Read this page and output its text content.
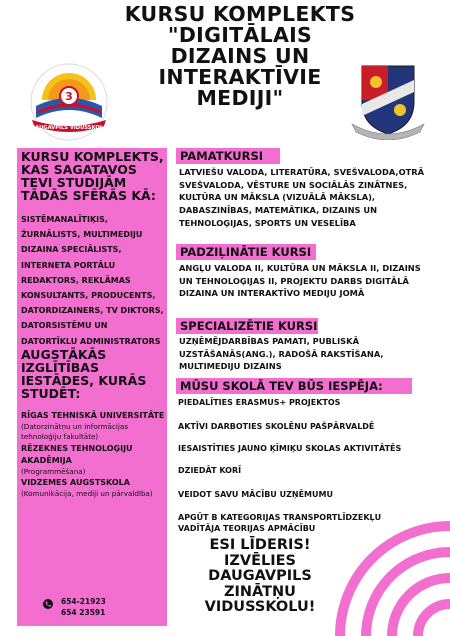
KURSU KOMPLEKTS
"DIGITĀLAIS
DIZAINS UN
INTERAKTĪVIE
MEDIJI"
3
DAUGAVPILS VIDUSSKOLA
KURSU KOMPLEKTS, KAS SAGATAVOS TEVI STUDIJĀM TĀDĀS SFĒRĀS KĀ:
SISTĒMANALĪTIĶIS, ŽURNĀLISTS, MULTIMEDIJU DIZAINA SPECIĀLISTS, INTERNETA PORTĀLU REDAKTORS, REKLĀMAS KONSULTANTS, PRODUCENTS, DATORDIZAINERS, TV DIKTORS, DATORSISTĒMU UN DATORTĪKLU ADMINISTRATORS
AUGSTĀKĀS IZGLĪTĪBAS IESTĀDES, KURĀS STUDĒT:
RĪGAS TEHNISKĀ UNIVERSITĀTE
(Datorzinātņu un informācijas tehnoloģiju fakultāte)
RĒZEKNES TEHNOLOĢIJU AKADĒMIJA
(Programmēšana)
VIDZEMES AUGSTSKOLA
(Komunikācija, mediji un pārvaldība)
654-21923
654 23591
PAMATKURSI
LATVIEŠU VALODA, LITERATŪRA, SVEŠVALODA,OTRĀ SVEŠVALODA, VĒSTURE UN SOCIĀLĀS ZINĀTNES, KULTŪRA UN MĀKSLA (VIZUĀLĀ MĀKSLA), DABASZINĪBAS, MATEMĀTIKA, DIZAINS UN TEHNOLOĢIJAS, SPORTS UN VESELĪBA
PADZIĻINĀTIE KURSI
ANGĻU VALODA II, KULTŪRA UN MĀKSLA II, DIZAINS UN TEHNOLOĢIJAS II, PROJEKTU DARBS DIGITĀLĀ DIZAINA UN INTERAKTĪVO MEDIJU JOMĀ
SPECIALIZĒTIE KURSI
UZŅĒMĒJDARBĪBAS PAMATI, PUBLISKĀ UZSTĀŠANĀS(ANG.), RADOŠĀ RAKSTĪŠANA, MULTIMEDIJU DIZAINS
MŪSU SKOLĀ TEV BŪS IESPĒJA:
PIEDALĪTIES ERASMUS+ PROJEKTOS
AKTĪVI DARBOTIES SKOLĒNU PAŠPĀRVALDĒ
IESAISTĪTIES JAUNO ĶĪMIĶU SKOLAS AKTIVITĀTĒS
DZIEDĀT KORĪ
VEIDOT SAVU MĀCĪBU UZŅĒMUMU
APGŪT B KATEGORIJAS TRANSPORTLĪDZEKĻU VADĪTĀJA TEORIJAS APMĀCĪBU
ESI LĪDERIS!
IZVĒLIES
DAUGAVPILS
ZINĀTŅU
VIDUSSKOLU!
